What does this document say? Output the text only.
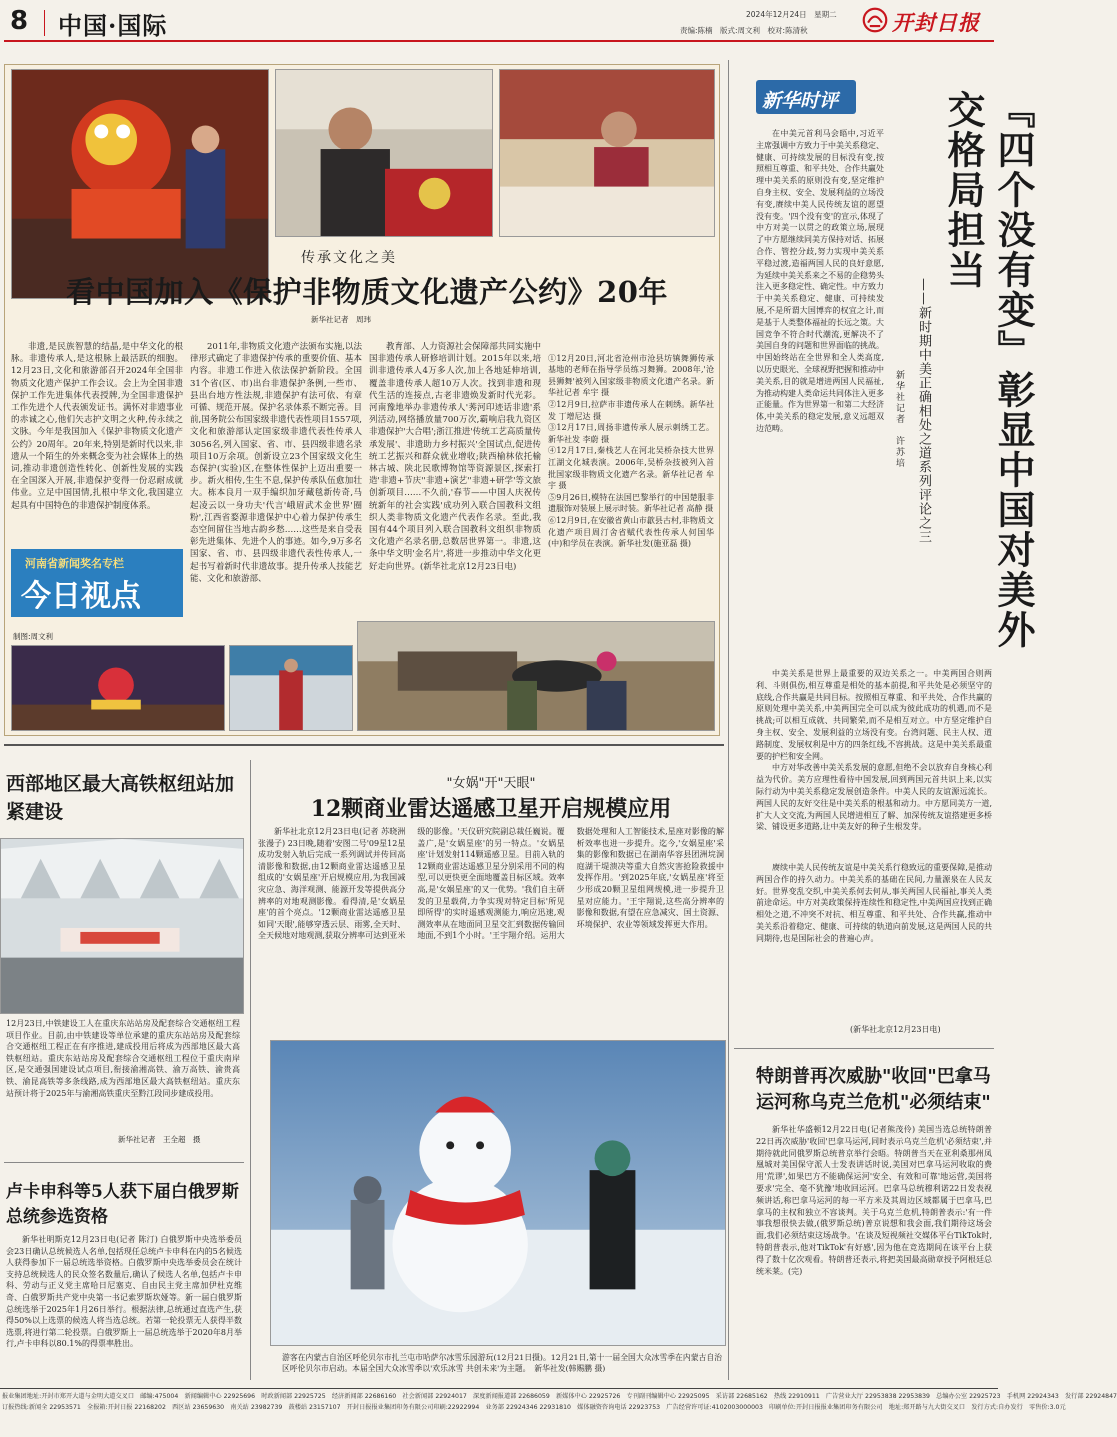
8 中国·国际	2024年12月24日　星期二
责编:陈楠　版式:周文利　校对:陈清秋	开封日报
传承文化之美
看中国加入《保护非物质文化遗产公约》20年
新华社记者　周玮

非遗,是民族智慧的结晶,是中华文化的根脉。非遗传承人,是这根脉上最活跃的细胞。12月23日,文化和旅游部召开2024年全国非物质文化遗产保护工作会议。会上为全国非遗保护工作先进集体代表授牌,为全国非遗保护工作先进个人代表颁发证书。满怀对非遗事业的赤诚之心,他们矢志护文明之火种,传永续之文脉。今年是我国加入《保护非物质文化遗产公约》20周年。20年来,特别是新时代以来,非遗从一个陌生的外来概念变为社会媒体上的热词,推动非遗创造性转化、创新性发展的实践在全国深入开展,非遗保护变得一份忍耐成就伟业。立足中国国情,扎根中华文化,我国建立起具有中国特色的非遗保护制度体系。

河南省新闻奖名专栏
今日视点

2011年,非物质文化遗产法颁布实施,以法律形式确定了非遗保护传承的重要价值、基本内容。非遗工作进入依法保护新阶段。全国31个省(区、市)出台非遗保护条例,一些市、县出台地方性法规,非遗保护有法可依、有章可循、规范开展。保护名录体系不断完善。目前,国务院公布国家级非遗代表性项目1557项,文化和旅游部认定国家级非遗代表性传承人3056名,列入国家、省、市、县四级非遗名录项目10万余项。创新设立23个国家级文化生态保护(实验)区,在整体性保护上迈出重要一步。新火相传,生生不息,保护传承队伍愈加壮大。栋本良月一双手编织加牙藏毯新传奇,马起凌云以一身功夫'代言'峨眉武术金世界'圈粉',江西省婺源非遗保护中心着力保护传承生态空间留住当地古韵乡愁……这些是来自受表彰先进集体、先进个人的事迹。如今,9万多名国家、省、市、县四级非遗代表性传承人,一起书写着新时代非遗故事。提升传承人技能艺能、文化和旅游部、

教育部、人力资源社会保障部共同实施中国非遗传承人研修培训计划。2015年以来,培训非遗传承人4万多人次,加上各地延伸培训,覆盖非遗传承人超10万人次。找到非遗和现代生活的连接点,古老非遗焕发新时代光彩。河南豫地举办非遗传承人'莠河印迹话非遗'系列活动,网络播放量700万次,霸响启我九资区非遗保护'大合唱';浙江推进'传统工艺高质量传承发展'、非遗助力乡村振兴'全国试点,促进传统工艺振兴和群众就业增收;陕西榆林依托榆林古城、陕北民歌博物馆等资源景区,探索打造'非遗+节庆''非遗+演艺''非遗+研学'等文旅创新项目……不久前,'春节——中国人庆祝传统新年的社会实践'成功列入联合国教科文组织人类非物质文化遗产代表作名录。至此,我国有44个项目列入联合国教科文组织非物质文化遗产名录名册,总数居世界第一。非遗,这条中华文明'金名片',将进一步推动中华文化更好走向世界。(新华社北京12月23日电)

①12月20日,河北省沧州市沧县坊镇舞狮传承基地的老师在指导学员练习舞狮。2008年,'沧县狮舞'被列入国家级非物质文化遗产名录。新华社记者 牟宇 摄
②12月9日,拉萨市非遗传承人在刺绣。新华社发 丁增尼达 摄
③12月17日,周扬非遗传承人展示刺绣工艺。新华社发 李蔚 摄
④12月17日,秦栈艺人在河北吴桥杂技大世界江湖文化城表演。2006年,吴桥杂技被列入首批国家级非物质文化遗产名录。新华社记者 牟宇 摄
⑤9月26日,模特在法国巴黎举行的中国楚服非遗服饰对装展上展示时装。新华社记者 高静 摄
⑥12月9日,在安徽省黄山市歙县古村,非物质文化遗产项目周汀舍省赋代表性传承人何国华(中)和学员在表演。新华社发(施亚磊 摄)

制图:周文利
新华时评	『四个没有变』彰显中国对美外交格局担当
——新时期中美正确相处之道系列评论之三
新华社记者　许苏培

在中美元首利马会晤中,习近平主席强调中方致力于中美关系稳定、健康、可持续发展的目标没有变,按照相互尊重、和平共处、合作共赢处理中美关系的原则没有变,坚定维护自身主权、安全、发展利益的立场没有变,赓续中美人民传统友谊的愿望没有变。'四个没有变'的宣示,体现了中方对美一以贯之的政策立场,展现了中方愿继续同美方保持对话、拓展合作、管控分歧,努力实现中美关系平稳过渡,造福两国人民的良好意愿,为延续中美关系来之不易的企稳势头注入更多稳定性、确定性。中方致力于中美关系稳定、健康、可持续发展,不是所谓大国博弈的权宜之计,而是基于人类整体福祉的长远之策。大国竞争不符合时代潮流,更解决不了美国自身的问题和世界面临的挑战。中国始终站在全世界和全人类高度,以历史眼光、全球视野把握和推动中美关系,目的就是增进两国人民福祉,为推动构建人类命运共同体注入更多正能量。作为世界第一和第二大经济体,中美关系的稳定发展,意义远超双边范畴。

中美关系是世界上最重要的双边关系之一。中美两国合则两利、斗则俱伤,相互尊重是相处的基本前提,和平共处是必须坚守的底线,合作共赢是共同目标。按照相互尊重、和平共处、合作共赢的原则处理中美关系,中美两国完全可以成为彼此成功的机遇,而不是挑战;可以相互成就、共同繁荣,而不是相互对立。中方坚定维护自身主权、安全、发展利益的立场没有变。台湾问题、民主人权、道路制度、发展权利是中方的四条红线,不容挑战。这是中美关系最重要的护栏和安全网。

中方对华改善中美关系发展的意愿,但绝不会以放弃自身核心利益为代价。美方应理性看待中国发展,回到两国元首共识上来,以实际行动为中美关系稳定发展创造条件。中美人民的友谊源远流长。两国人民的友好交往是中美关系的根基和动力。中方愿同美方一道,扩大人文交流,为两国人民增进相互了解、加深传统友谊搭建更多桥梁、铺设更多道路,让中美友好的种子生根发芽。

赓续中美人民传统友谊是中美关系行稳致远的重要保障,是推动两国合作的持久动力。中美关系的基础在民间,力量源泉在人民友好。世界变乱交织,中美关系何去何从,事关两国人民福祉,事关人类前途命运。中方对美政策保持连续性和稳定性,中美两国应找到正确相处之道,不冲突不对抗、相互尊重、和平共处、合作共赢,推动中美关系沿着稳定、健康、可持续的轨道向前发展,这是两国人民的共同期待,也是国际社会的普遍心声。

(新华社北京12月23日电)
特朗普再次威胁"收回"巴拿马运河称乌克兰危机"必须结束"

新华社华盛顿12月22日电(记者熊茂伶) 美国当选总统特朗普22日再次威胁'收回'巴拿马运河,同时表示乌克兰危机'必须结束',并期待就此同俄罗斯总统普京举行会晤。特朗普当天在亚利桑那州凤凰城对美国保守派人士发表讲话时说,美国对巴拿马运河收取的费用'荒谬',如果巴方不能确保运河'安全、有效和可靠'地运营,美国将要求'完全、毫不犹豫'地收回运河。巴拿马总统穆利诺22日发表视频讲话,称巴拿马运河的每一平方米及其周边区域都属于巴拿马,巴拿马的主权和独立不容谈判。关于乌克兰危机,特朗普表示:'有一件事我想很快去做,(俄罗斯总统)普京说想和我会面,我们期待这场会面,我们必须结束这场战争。'在谈及短视频社交媒体平台TikTok时,特朗普表示,他对TikTok'有好感',因为他在竞选期间在该平台上获得了数十亿次观看。特朗普还表示,将把美国最高勋章授予阿根廷总统米莱。(完)

西部地区最大高铁枢纽站加紧建设
12月23日,中铁建设工人在重庆东站站房及配套综合交通枢纽工程项目作业。目前,由中铁建设等单位承建的重庆东站站房及配套综合交通枢纽工程正在有序推进,建成投用后将成为西部地区最大高铁枢纽站。重庆东站站房及配套综合交通枢纽工程位于重庆南岸区,是交通强国建设试点项目,衔接渝湘高铁、渝万高铁、渝贵高铁、渝昆高铁等多条线路,成为西部地区最大高铁枢纽站。重庆东站预计将于2025年与渝湘高铁重庆至黔江段同步建成投用。
新华社记者　王全超　摄
卢卡申科等5人获下届白俄罗斯总统参选资格

新华社明斯克12月23日电(记者 陈汀) 白俄罗斯中央选举委员会23日确认总统候选人名单,包括现任总统卢卡申科在内的5名候选人获得参加下一届总统选举资格。白俄罗斯中央选举委员会在统计支持总统候选人的民众签名数量后,确认了候选人名单,包括卢卡申科、劳动与正义党主席哈日尼塞克、自由民主党主席加伊杜克维奇、白俄罗斯共产党中央第一书记索罗斯坎娅等。新一届白俄罗斯总统选举于2025年1月26日举行。根据法律,总统通过直选产生,获得50%以上选票的候选人将当选总统。若第一轮投票无人获得半数选票,将进行第二轮投票。白俄罗斯上一届总统选举于2020年8月举行,卢卡申科以80.1%的得票率胜出。

"女娲"开"天眼"
12颗商业雷达遥感卫星开启规模应用

新华社北京12月23日电(记者 苏晓洲 张漫子) 23日晚,随着'安图二号'09星12星成功发射入轨后完成一系列调试并传回高清影像和数据,由12颗商业雷达遥感卫星组成的'女娲星座'开启规模应用,为我国减灾应急、海洋观测、能源开发等提供高分辨率的对地观测影像。看得清,是'女娲星座'的首个亮点。'12颗商业雷达遥感卫星如同'天眼',能够穿透云层、雨雾,全天时、全天候地对地观测,获取分辨率可达到亚米级的影像。'天仪研究院副总裁任巍说。覆盖广,是'女娲星座'的另一特点。'女娲星座'计划发射114颗遥感卫星。目前入轨的12颗商业雷达遥感卫星分别采用不同的构型,可以更快更全面地覆盖目标区域。效率高,是'女娲星座'的又一优势。'我们自主研发的卫星载荷,力争实现对特定目标'所见即所得'的实时遥感观测能力,响应迅速,观测效率从在地面同卫星交汇到数据传输回地面,不到1个小时。'王宇翔介绍。运用大数据处理和人工智能技术,星座对影像的解析效率也进一步提升。迄今,'女娲星座'采集的影像和数据已在湖南华容县团洲垸洞庭湖干堤溃决等重大自然灾害抢险救援中发挥作用。'到2025年底,'女娲星座'将至少形成20颗卫星组网规模,进一步提升卫星对应能力。'王宇翔说,这些高分辨率的影像和数据,有望在应急减灾、国土资源、环境保护、农业等领域发挥更大作用。

游客在内蒙古自治区呼伦贝尔市扎兰屯市哈萨尔冰雪乐园游玩(12月21日摄)。12月21日,第十一届全国大众冰雪季在内蒙古自治区呼伦贝尔市启动。本届全国大众冰雪季以'欢乐冰雪 共创未来'为主题。　新华社发(韩赐鹏 摄)
报业集团地址:开封市郑开大道与金明大道交叉口　邮编:475004　新闻编辑中心 22925696　时政新闻部 22925725　经济新闻部 22686160　社会新闻部 22924017　深度新闻报道部 22686059　新媒体中心 22925726　专刊副刊编辑中心 22925095　采访部 22685162　热线 22910911　广告营业大厅 22953838 22953839　总编办公室 22925723　手机网 22924343　发行部 22924847
订报热线:新闻全 22953571　全报箱:开封日报 22168202　西区站 23659630　南关站 23982739　鼓楼站 23157107　开封日报报业集团印务有限公司印刷:22922994　业务部 22924346 22931810　媒体融资咨询电话 22923753　广告经营许可证:4102003000003　印刷单位:开封日报报业集团印务有限公司　地址:郑开路与九大街交叉口　发行方式:自办发行　零售价:3.0元
